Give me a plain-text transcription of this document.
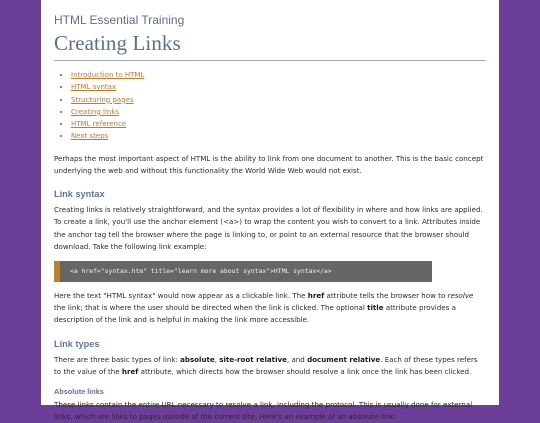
HTML Essential Training
Creating Links
▪ Introduction to HTML
▪ HTML syntax
▪ Structuring pages
▪ Creating links
▪ HTML reference
▪ Next steps

Perhaps the most important aspect of HTML is the ability to link from one document to another. This is the basic concept underlying the web and without this functionality the World Wide Web would not exist.

Link syntax

Creating links is relatively straightforward, and the syntax provides a lot of flexibility in where and how links are applied. To create a link, you'll use the anchor element (<a>) to wrap the content you wish to convert to a link. Attributes inside the anchor tag tell the browser where the page is linking to, or point to an external resource that the browser should download. Take the following link example:

<a href="syntax.htm" title="learn more about syntax">HTML syntax</a>

Here the text "HTML syntax" would now appear as a clickable link. The href attribute tells the browser how to resolve the link; that is where the user should be directed when the link is clicked. The optional title attribute provides a description of the link and is helpful in making the link more accessible.

Link types

There are three basic types of link: absolute, site-root relative, and document relative. Each of these types refers to the value of the href attribute, which directs how the browser should resolve a link once the link has been clicked.

Absolute links

These links contain the entire URL necessary to resolve a link, including the protocol. This is usually done for external links, which are links to pages outside of the current site. Here's an example of an absolute link:
